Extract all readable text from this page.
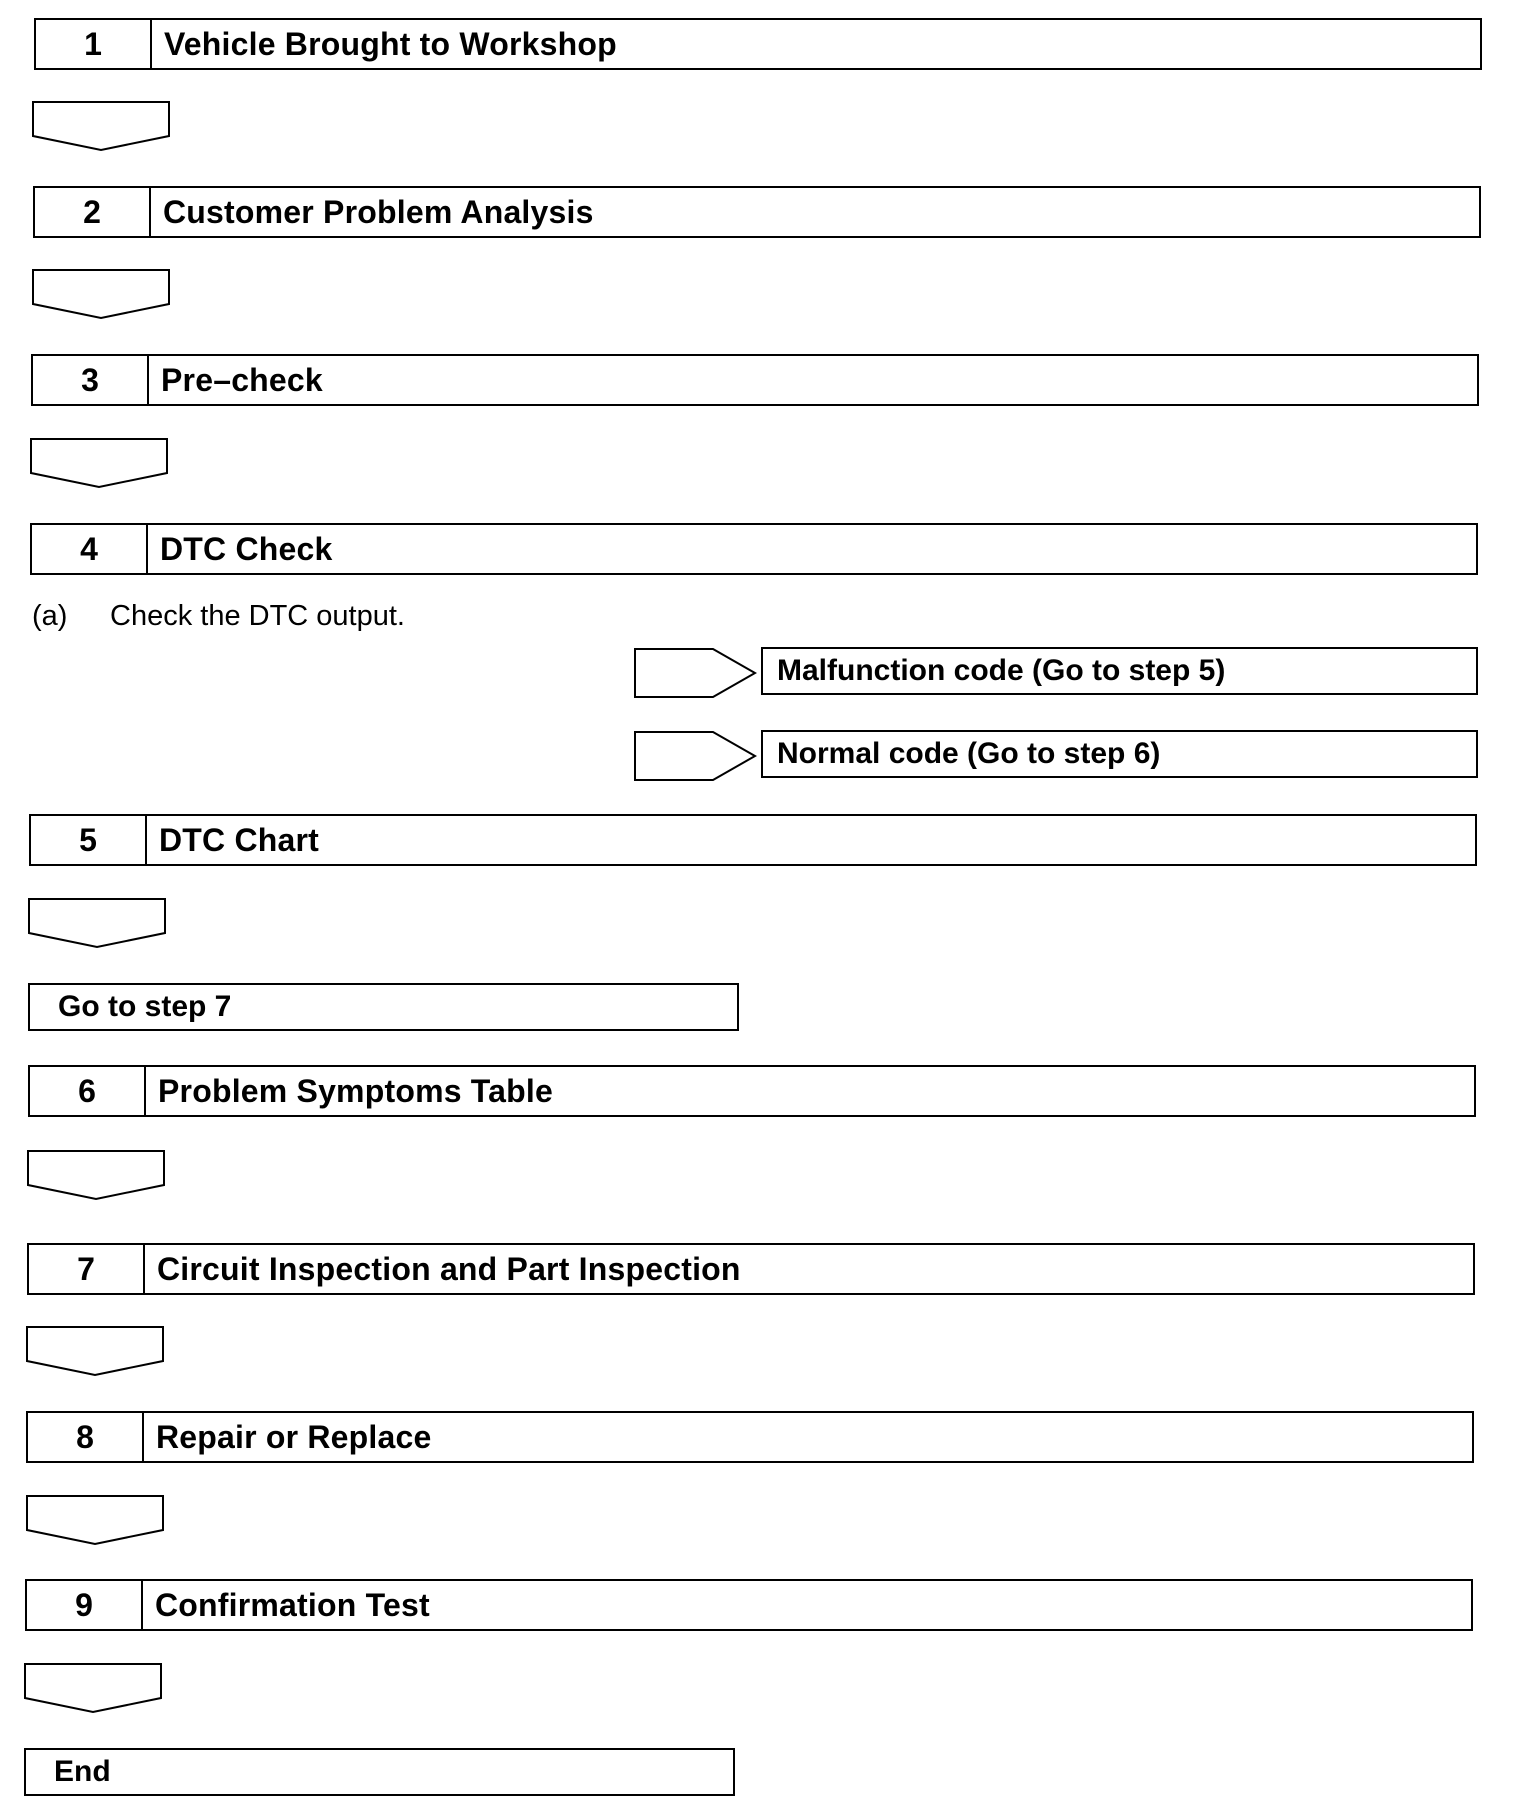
1	Vehicle Brought to Workshop
2	Customer Problem Analysis
3	Pre–check
4	DTC Check
(a) Check the DTC output.
Malfunction code (Go to step 5)
Normal code (Go to step 6)
5	DTC Chart
Go to step 7
6	Problem Symptoms Table
7	Circuit Inspection and Part Inspection
8	Repair or Replace
9	Confirmation Test
End
